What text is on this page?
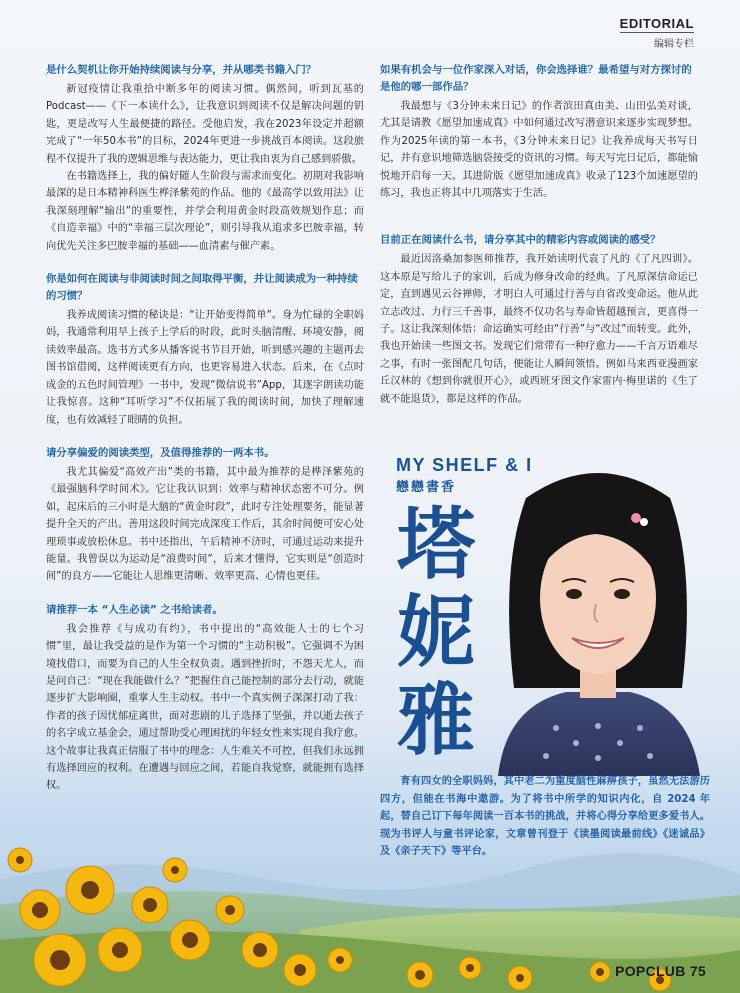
EDITORIAL
编辑专栏
是什么契机让你开始持续阅读与分享，并从哪类书籍入门？
新冠疫情让我重拾中断多年的阅读习惯。偶然间，听到瓦基的Podcast——《下一本读什么》，让我意识到阅读不仅是解决问题的钥匙，更是改写人生最便捷的路径。受他启发，我在2023年设定并超额完成了“一年50本书”的目标，2024年更进一步挑战百本阅读。这段旅程不仅提升了我的逻辑思维与表达能力，更让我由衷为自己感到骄傲。
在书籍选择上，我的偏好随人生阶段与需求而变化。初期对我影响最深的是日本精神科医生桦泽紫苑的作品。他的《最高学以致用法》让我深刻理解“输出”的重要性，并学会利用黄金时段高效规划作息；而《自造幸福》中的“幸福三层次理论”，则引导我从追求多巴胺幸福，转向优先关注多巴胺幸福的基础——血清素与催产素。
你是如何在阅读与非阅读时间之间取得平衡，并让阅读成为一种持续的习惯？
我养成阅读习惯的秘诀是：“让开始变得简单”。身为忙碌的全职妈妈，我通常利用早上孩子上学后的时段，此时头脑清醒、环境安静，阅读效率最高。选书方式多从播客说书节目开始，听到感兴趣的主题再去图书馆借阅，这样阅读更有方向，也更容易进入状态。后来，在《点时成金的五色时间管理》一书中，发现“微信说书”App，其逐字朗读功能让我惊喜。这种“耳听学习”不仅拓展了我的阅读时间，加快了理解速度，也有效减轻了眼睛的负担。
请分享偏爱的阅读类型，及值得推荐的一两本书。
我尤其偏爱“高效产出”类的书籍，其中最为推荐的是桦泽紫苑的《最强脑科学时间术》。它让我认识到：效率与精神状态密不可分。例如，起床后的三小时是大脑的“黄金时段”，此时专注处理要务，能显著提升全天的产出。善用这段时间完成深度工作后，其余时间便可安心处理琐事或放松休息。书中还指出，午后精神不济时，可通过运动来提升能量。我曾误以为运动是“浪费时间”，后来才懂得，它实则是“创造时间”的良方——它能让人思维更清晰、效率更高、心情也更佳。
请推荐一本 “人生必读” 之书给读者。
我会推荐《与成功有约》，书中提出的“高效能人士的七个习惯”里，最让我受益的是作为第一个习惯的“主动积极”。它强调不为困境找借口，而要为自己的人生全权负责。遇到挫折时，不怨天尤人，而是问自己：“现在我能做什么？”把握住自己能控制的部分去行动，就能逐步扩大影响圈，重掌人生主动权。书中一个真实例子深深打动了我：作者的孩子因忧郁症离世，面对悲剧的儿子选择了坚强，并以逝去孩子的名字成立基金会，通过帮助受心理困扰的年轻女性来实现自我疗愈。这个故事让我真正信服了书中的理念：人生难关不可控，但我们永远拥有选择回应的权利。在遭遇与回应之间，若能自我觉察，就能拥有选择权。
如果有机会与一位作家深入对话，你会选择谁？最希望与对方探讨的是他的哪一部作品？
我最想与《3分钟未来日记》的作者滨田真由美、山田弘美对谈，尤其是请教《愿望加速成真》中如何通过改写潜意识来逐步实现梦想。作为2025年读的第一本书，《3分钟未来日记》让我养成每天书写日记，并有意识地筛选脑袋接受的资讯的习惯。每天写完日记后，都能愉悦地开启每一天。其进阶版《愿望加速成真》收录了123个加速愿望的练习，我也正将其中几项落实于生活。
目前正在阅读什么书，请分享其中的精彩内容或阅读的感受？
最近因洛桑加参医师推荐，我开始读明代袁了凡的《了凡四训》。这本原是写给儿子的家训，后成为修身改命的经典。了凡原深信命运已定，直到遇见云谷禅师，才明白人可通过行善与自省改变命运。他从此立志改过、力行三千善事，最终不仅功名与寿命皆超越预言，更喜得一子。这让我深刻体悟：命运确实可经由“行善”与“改过”而转变。此外，我也开始读一些图文书。发现它们常带有一种疗愈力——千言万语难尽之事，有时一张图配几句话，便能让人瞬间领悟。例如马来西亚漫画家丘汉林的《想到你就很开心》，或西班牙图文作家雷内·梅里诺的《生了就不能退货》，都是这样的作品。
MY SHELF & I
戀戀書香
塔
妮
雅
育有四女的全职妈妈，其中老二为重度脑性麻痹孩子，虽然无法游历四方，但能在书海中遨游。为了将书中所学的知识内化，自 2024 年起，替自己订下每年阅读一百本书的挑战，并将心得分享给更多爱书人。现为书评人与童书评论家，文章曾刊登于《读墨阅读最前线》《迷诚品》及《亲子天下》等平台。
POPCLUB 75
